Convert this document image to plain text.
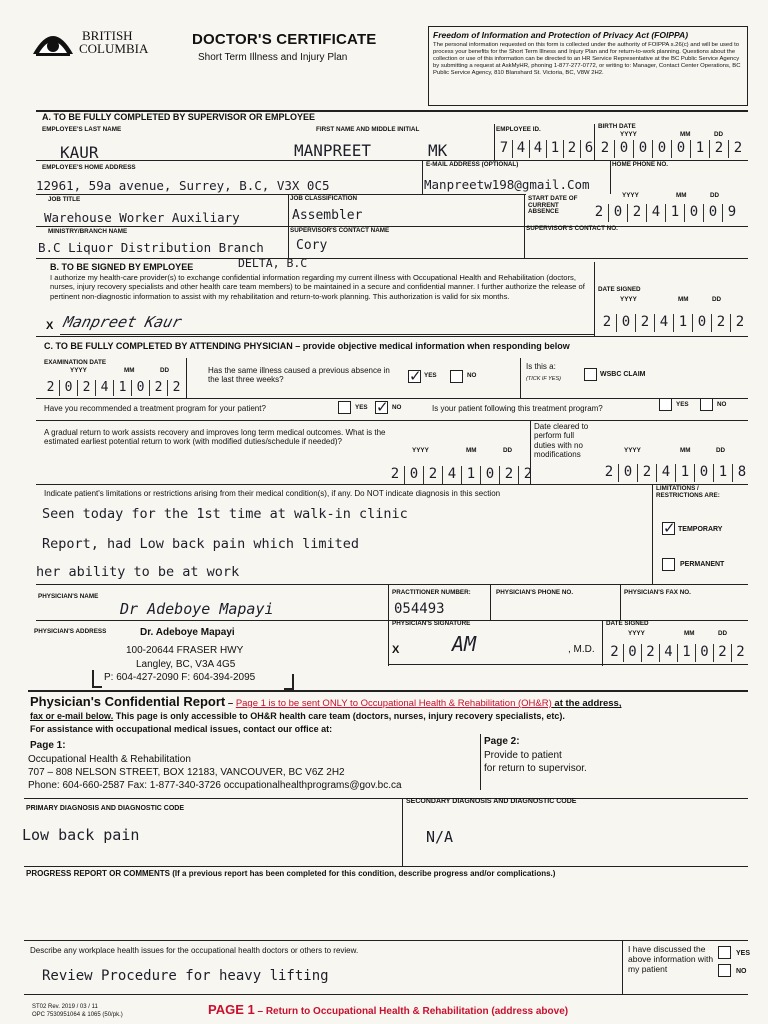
BRITISH
COLUMBIA
DOCTOR'S CERTIFICATE
Short Term Illness and Injury Plan
Freedom of Information and Protection of Privacy Act (FOIPPA)
The personal information requested on this form is collected under the authority of FOIPPA s.26(c) and will be used to process your benefits for the Short Term Illness and Injury Plan and for return-to-work planning. Questions about the collection or use of this information can be directed to an HR Service Representative at the BC Public Service Agency by submitting a request at AskMyHR, phoning 1-877-277-0772, or writing to: Manager, Contact Center Operations, BC Public Service Agency, 810 Blanshard St. Victoria, BC, V8W 2H2.
A. TO BE FULLY COMPLETED BY SUPERVISOR OR EMPLOYEE
EMPLOYEE'S LAST NAME	FIRST NAME AND MIDDLE INITIAL	EMPLOYEE ID.	BIRTH DATE
YYYY	MM	DD
KAUR	MANPREET	MK	7 4 4 1 2 6 2 0 0 0 0 1 2 2
EMPLOYEE'S HOME ADDRESS	E-MAIL ADDRESS (OPTIONAL)	HOME PHONE NO.
12961, 59a avenue, Surrey, B.C, V3X 0C5	Manpreetw198@gmail.Com
JOB TITLE	JOB CLASSIFICATION	START DATE OF CURRENT ABSENCE
YYYY	MM	DD
Warehouse Worker Auxiliary	Assembler	2 0 2 4 1 0 0 9
MINISTRY/BRANCH NAME	SUPERVISOR'S CONTACT NAME	SUPERVISOR'S CONTACT NO.
B.C Liquor Distribution Branch Cory
DELTA, B.C
B. TO BE SIGNED BY EMPLOYEE
I authorize my health-care provider(s) to exchange confidential information regarding my current illness with Occupational Health and Rehabilitation (doctors, nurses, injury recovery specialists and other health care team members) to be maintained in a secure and confidential manner. I further authorize the release of pertinent non-diagnostic information to assist with my rehabilitation and return-to-work planning. This authorization is valid for six months.
X Manpreet Kaur
DATE SIGNED
YYYY	MM	DD
2 0 2 4 1 0 2 2
C. TO BE FULLY COMPLETED BY ATTENDING PHYSICIAN – provide objective medical information when responding below
EXAMINATION DATE
YYYY	MM	DD
2 0 2 4 1 0 2 2
Has the same illness caused a previous absence in the last three weeks? ✓	YES	NO
Is this a:
(TICK IF YES)
WSBC CLAIM
Have you recommended a treatment program for your patient?	YES ✓	NO	Is your patient following this treatment program?	YES	NO
A gradual return to work assists recovery and improves long term medical outcomes. What is the estimated earliest potential return to work (with modified duties/schedule if needed)?
YYYY	MM	DD
2 0 2 4 1 0 2 2
Date cleared to perform full duties with no modifications	YYYY	MM	DD
2 0 2 4 1 0 1 8
Indicate patient's limitations or restrictions arising from their medical condition(s), if any. Do NOT indicate diagnosis in this section
Seen today for the 1st time at walk-in clinic
Report, had Low back pain which limited
her ability to be at work
LIMITATIONS / RESTRICTIONS ARE:
✓
TEMPORARY
PERMANENT
PHYSICIAN'S NAME
Dr Adeboye Mapayi
PRACTITIONER NUMBER:
054493
PHYSICIAN'S PHONE NO.	PHYSICIAN'S FAX NO.
PHYSICIAN'S ADDRESS	Dr. Adeboye Mapayi
100-20644 FRASER HWY
Langley, BC, V3A 4G5
P: 604-427-2090 F: 604-394-2095
PHYSICIAN'S SIGNATURE
X	AM	, M.D.
DATE SIGNED
YYYY	MM	DD
2 0 2 4 1 0 2 2
Physician's Confidential Report – Page 1 is to be sent ONLY to Occupational Health & Rehabilitation (OH&R) at the address,
fax or e-mail below. This page is only accessible to OH&R health care team (doctors, nurses, injury recovery specialists, etc).
For assistance with occupational medical issues, contact our office at:
Page 1:
Occupational Health & Rehabilitation
707 – 808 NELSON STREET, BOX 12183, VANCOUVER, BC V6Z 2H2
Phone: 604-660-2587 Fax: 1-877-340-3726 occupationalhealthprograms@gov.bc.ca
Page 2:
Provide to patient
for return to supervisor.
PRIMARY DIAGNOSIS AND DIAGNOSTIC CODE
Low back pain
SECONDARY DIAGNOSIS AND DIAGNOSTIC CODE
N/A
PROGRESS REPORT OR COMMENTS (If a previous report has been completed for this condition, describe progress and/or complications.)
Describe any workplace health issues for the occupational health doctors or others to review.
Review Procedure for heavy lifting
I have discussed the above information with my patient
YES
NO
ST02 Rev. 2019 / 03 / 11
OPC 7530951064 & 1065 (50/pk.)	PAGE 1 – Return to Occupational Health & Rehabilitation (address above)
